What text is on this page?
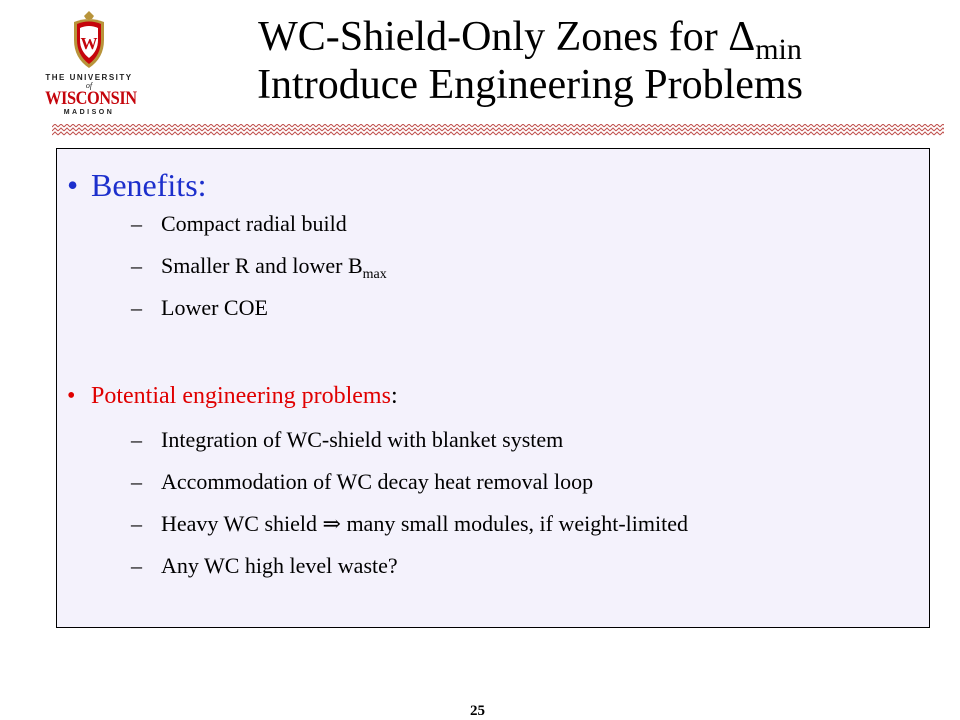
W
THE UNIVERSITY
of
WISCONSIN
MADISON
WC-Shield-Only Zones for $\Delta_{min}$
Introduce Engineering Problems
• Benefits:
– Compact radial build
– Smaller R and lower $B_{max}$
– Lower COE
• Potential engineering problems:
– Integration of WC-shield with blanket system
– Accommodation of WC decay heat removal loop
– Heavy WC shield ⇒ many small modules, if weight-limited
– Any WC high level waste?
25
